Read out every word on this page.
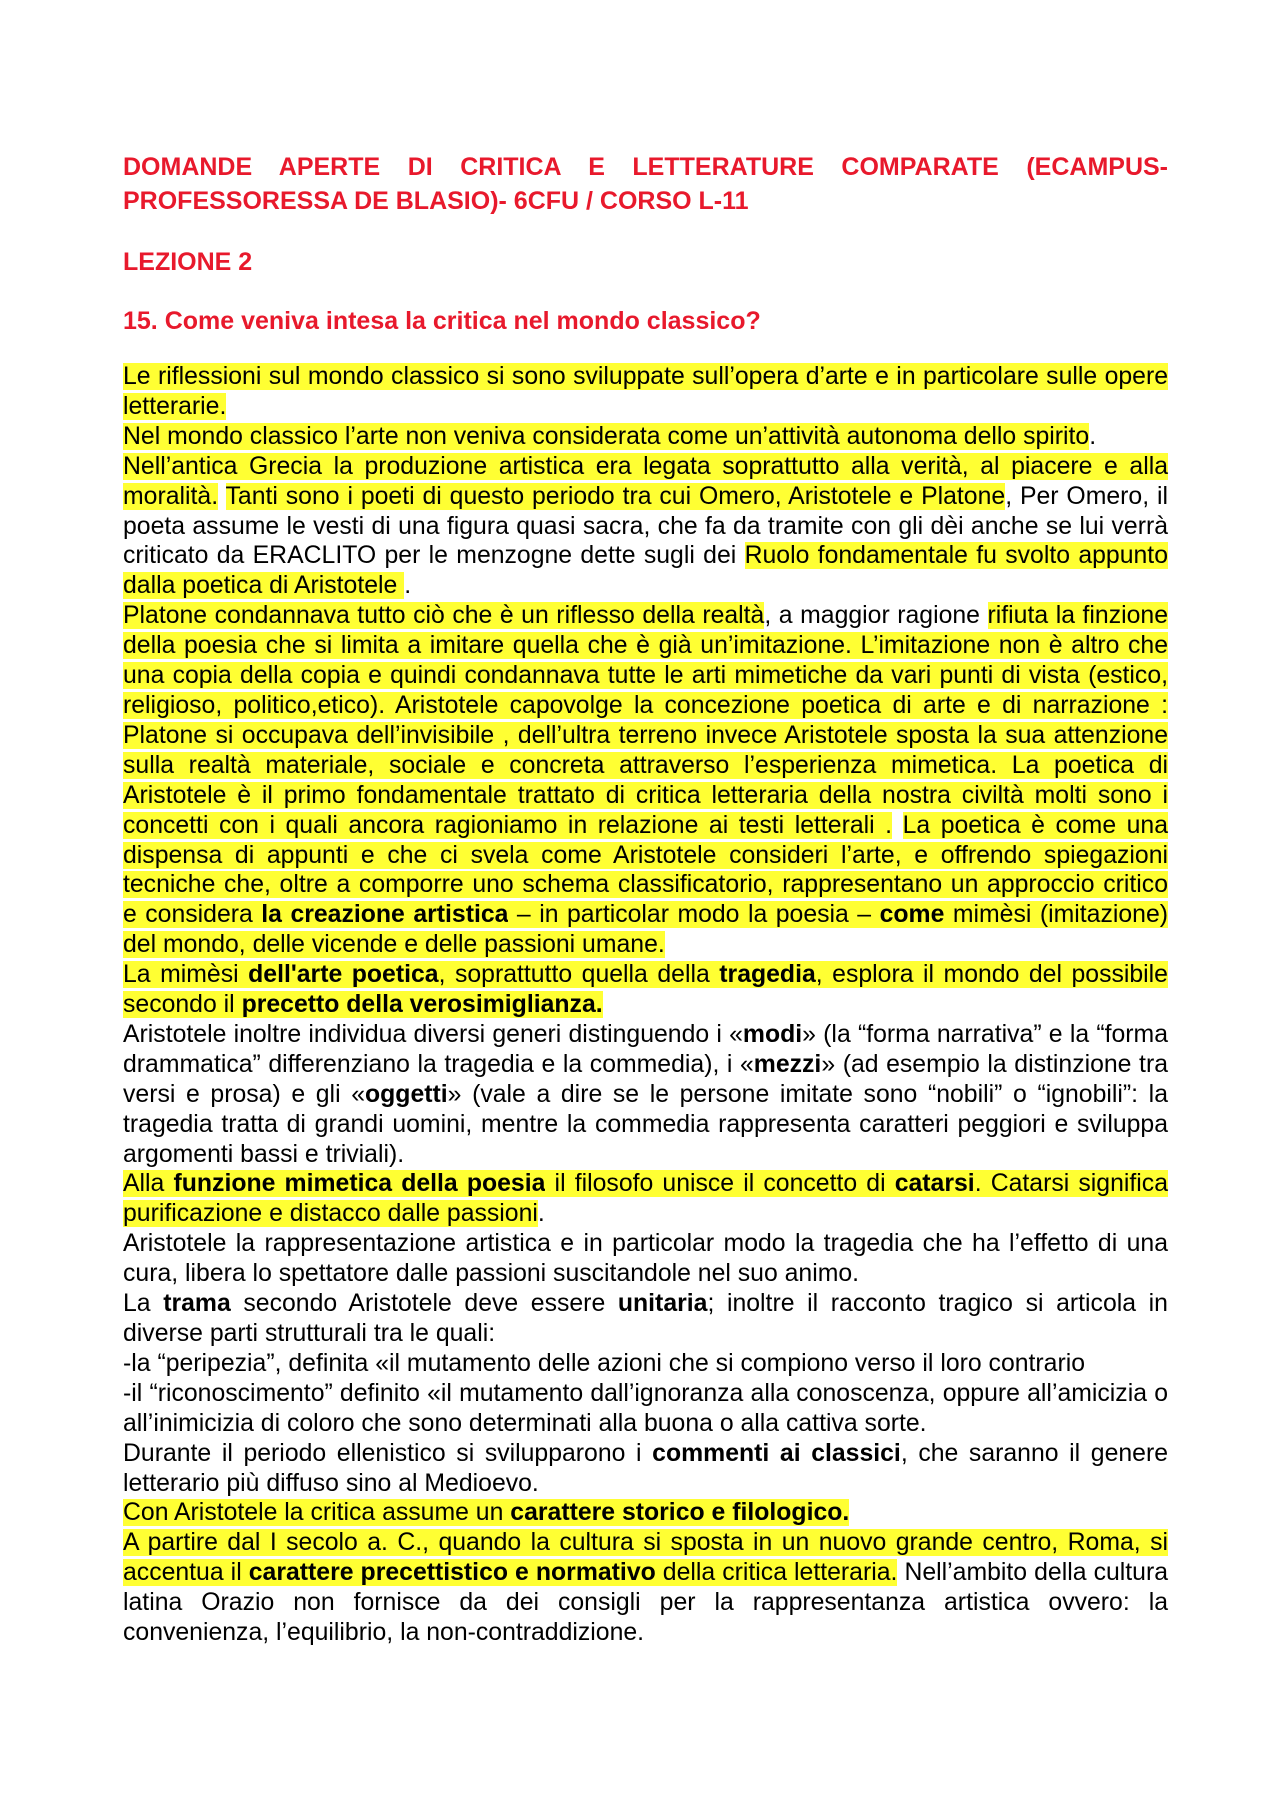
DOMANDE APERTE DI CRITICA E LETTERATURE COMPARATE (ECAMPUS-PROFESSORESSA DE BLASIO)- 6CFU / CORSO L-11

LEZIONE 2

15. Come veniva intesa la critica nel mondo classico?

Le riflessioni sul mondo classico si sono sviluppate sull’opera d’arte e in particolare sulle opere letterarie.

Nel mondo classico l’arte non veniva considerata come un’attività autonoma dello spirito.

Nell’antica Grecia la produzione artistica era legata soprattutto alla verità, al piacere e alla moralità. Tanti sono i poeti di questo periodo tra cui Omero, Aristotele e Platone, Per Omero, il poeta assume le vesti di una figura quasi sacra, che fa da tramite con gli dèi anche se lui verrà criticato da ERACLITO per le menzogne dette sugli dei Ruolo fondamentale fu svolto appunto dalla poetica di Aristotele .

Platone condannava tutto ciò che è un riflesso della realtà, a maggior ragione rifiuta la finzione della poesia che si limita a imitare quella che è già un’imitazione. L’imitazione non è altro che una copia della copia e quindi condannava tutte le arti mimetiche da vari punti di vista (estico, religioso, politico,etico). Aristotele capovolge la concezione poetica di arte e di narrazione : Platone si occupava dell’invisibile , dell’ultra terreno invece Aristotele sposta la sua attenzione sulla realtà materiale, sociale e concreta attraverso l’esperienza mimetica. La poetica di Aristotele è il primo fondamentale trattato di critica letteraria della nostra civiltà molti sono i concetti con i quali ancora ragioniamo in relazione ai testi letterali . La poetica è come una dispensa di appunti e che ci svela come Aristotele consideri l’arte, e offrendo spiegazioni tecniche che, oltre a comporre uno schema classificatorio, rappresentano un approccio critico e considera la creazione artistica – in particolar modo la poesia – come mimèsi (imitazione) del mondo, delle vicende e delle passioni umane.

La mimèsi dell'arte poetica, soprattutto quella della tragedia, esplora il mondo del possibile secondo il precetto della verosimiglianza.

Aristotele inoltre individua diversi generi distinguendo i «modi» (la “forma narrativa” e la “forma drammatica” differenziano la tragedia e la commedia), i «mezzi» (ad esempio la distinzione tra versi e prosa) e gli «oggetti» (vale a dire se le persone imitate sono “nobili” o “ignobili”: la tragedia tratta di grandi uomini, mentre la commedia rappresenta caratteri peggiori e sviluppa argomenti bassi e triviali).

Alla funzione mimetica della poesia il filosofo unisce il concetto di catarsi. Catarsi significa purificazione e distacco dalle passioni.

Aristotele la rappresentazione artistica e in particolar modo la tragedia che ha l’effetto di una cura, libera lo spettatore dalle passioni suscitandole nel suo animo.

La trama secondo Aristotele deve essere unitaria; inoltre il racconto tragico si articola in diverse parti strutturali tra le quali:

-la “peripezia”, definita «il mutamento delle azioni che si compiono verso il loro contrario

-il “riconoscimento” definito «il mutamento dall’ignoranza alla conoscenza, oppure all’amicizia o all’inimicizia di coloro che sono determinati alla buona o alla cattiva sorte.

Durante il periodo ellenistico si svilupparono i commenti ai classici, che saranno il genere letterario più diffuso sino al Medioevo.

Con Aristotele la critica assume un carattere storico e filologico.

A partire dal I secolo a. C., quando la cultura si sposta in un nuovo grande centro, Roma, si accentua il carattere precettistico e normativo della critica letteraria. Nell’ambito della cultura latina Orazio non fornisce da dei consigli per la rappresentanza artistica ovvero: la convenienza, l’equilibrio, la non-contraddizione.
